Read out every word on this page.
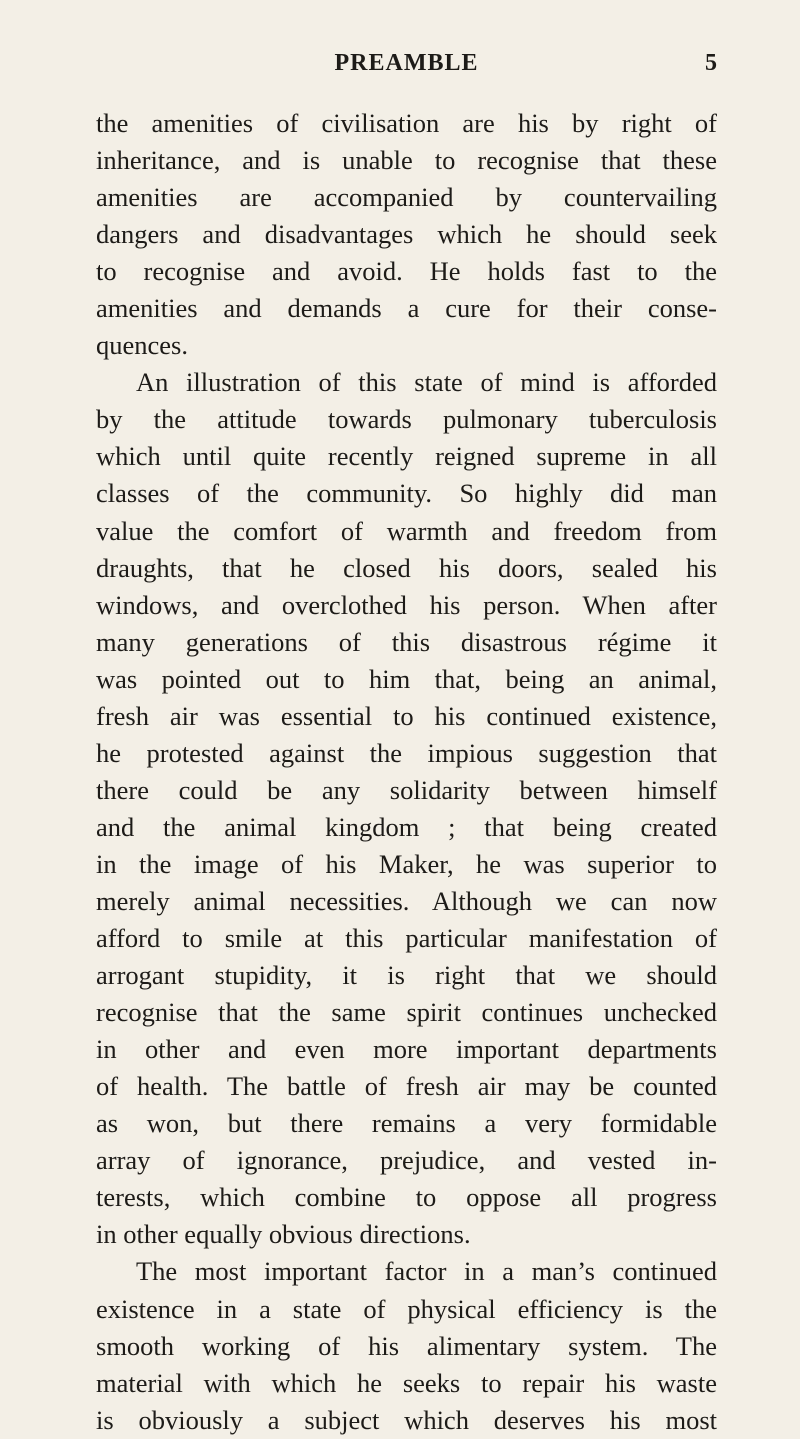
PREAMBLE	5
the amenities of civilisation are his by right of
inheritance, and is unable to recognise that these
amenities are accompanied by countervailing
dangers and disadvantages which he should seek
to recognise and avoid. He holds fast to the
amenities and demands a cure for their conse-
quences.
An illustration of this state of mind is afforded
by the attitude towards pulmonary tuberculosis
which until quite recently reigned supreme in all
classes of the community. So highly did man
value the comfort of warmth and freedom from
draughts, that he closed his doors, sealed his
windows, and overclothed his person. When after
many generations of this disastrous régime it
was pointed out to him that, being an animal,
fresh air was essential to his continued existence,
he protested against the impious suggestion that
there could be any solidarity between himself
and the animal kingdom ; that being created
in the image of his Maker, he was superior to
merely animal necessities. Although we can now
afford to smile at this particular manifestation of
arrogant stupidity, it is right that we should
recognise that the same spirit continues unchecked
in other and even more important departments
of health. The battle of fresh air may be counted
as won, but there remains a very formidable
array of ignorance, prejudice, and vested in-
terests, which combine to oppose all progress
in other equally obvious directions.
The most important factor in a man’s continued
existence in a state of physical efficiency is the
smooth working of his alimentary system. The
material with which he seeks to repair his waste
is obviously a subject which deserves his most
